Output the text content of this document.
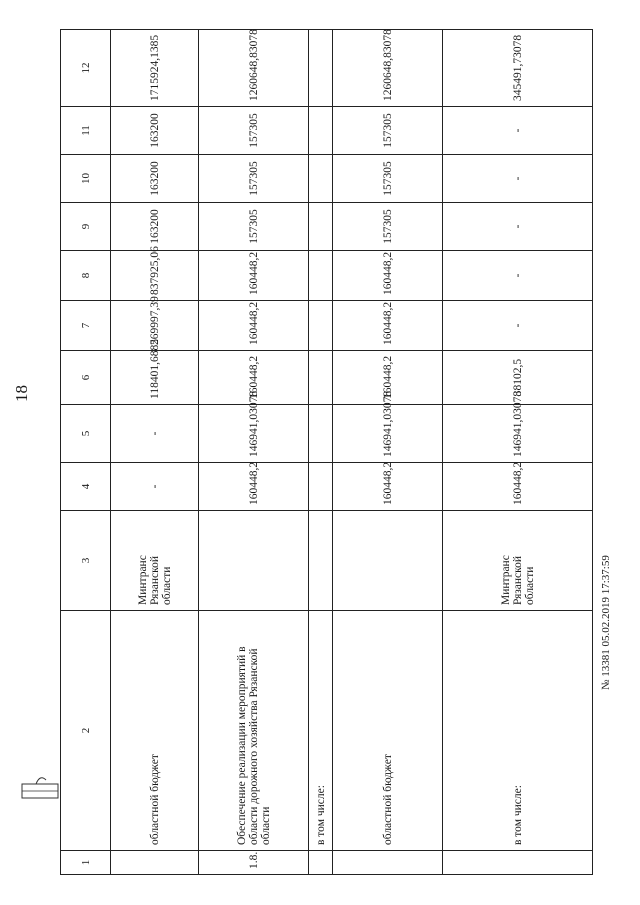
18
1	2	3	4	5	6	7	8	9	10	11	12
	областной бюджет	Минтранс Рязанской области	-	-	118401,6885	269997,39	837925,06	163200	163200	163200	1715924,1385
1.8.	Обеспечение реализации мероприятий в области дорожного хозяйства Рязанской области		160448,2	146941,03078	160448,2	160448,2	160448,2	157305	157305	157305	1260648,83078
	в том числе:										
	областной бюджет		160448,2	146941,03078	160448,2	160448,2	160448,2	157305	157305	157305	1260648,83078
	в том числе:	Минтранс Рязанской области	160448,2	146941,03078	38102,5	-	-	-	-	-	345491,73078
№ 13381 05.02.2019 17:37:59
